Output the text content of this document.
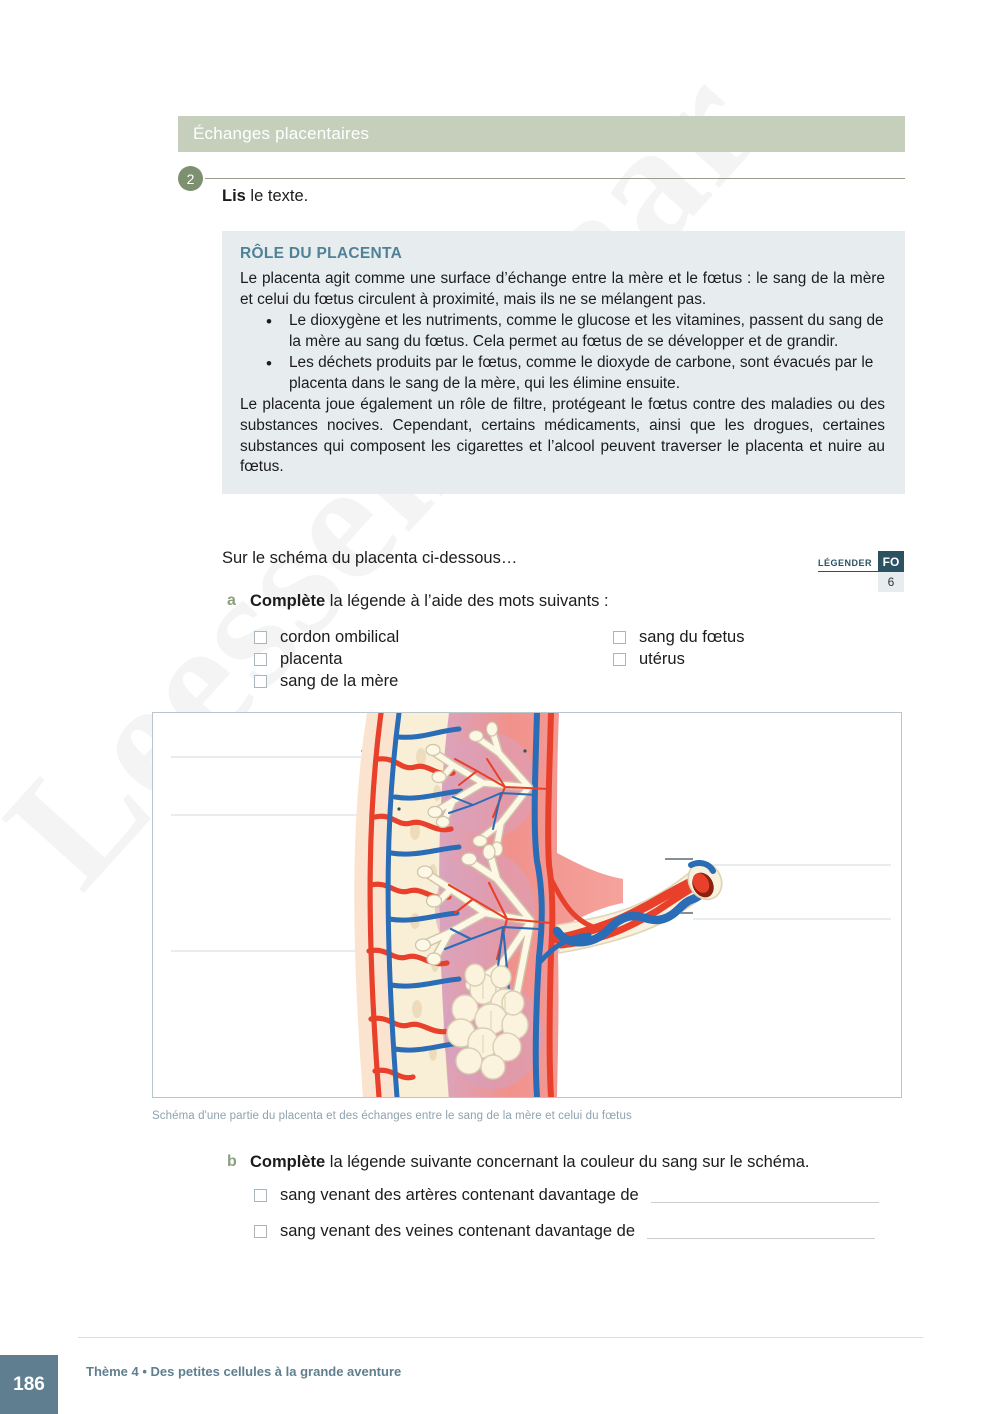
Échanges placentaires
2
Lis le texte.
RÔLE DU PLACENTA

Le placenta agit comme une surface d’échange entre la mère et le fœtus : le sang de la mère et celui du fœtus circulent à proximité, mais ils ne se mélangent pas.

• Le dioxygène et les nutriments, comme le glucose et les vitamines, passent du sang de la mère au sang du fœtus. Cela permet au fœtus de se développer et de grandir.
• Les déchets produits par le fœtus, comme le dioxyde de carbone, sont évacués par le placenta dans le sang de la mère, qui les élimine ensuite.

Le placenta joue également un rôle de filtre, protégeant le fœtus contre des maladies ou des substances nocives. Cependant, certains médicaments, ainsi que les drogues, certaines substances qui composent les cigarettes et l’alcool peuvent traverser le placenta et nuire au fœtus.

Sur le schéma du placenta ci-dessous…	LÉGENDER FO
6
a Complète la légende à l’aide des mots suivants :
cordon ombilical
placenta
sang de la mère
sang du fœtus
utérus
Schéma d'une partie du placenta et des échanges entre le sang de la mère et celui du fœtus
b Complète la légende suivante concernant la couleur du sang sur le schéma.
sang venant des artères contenant davantage de
sang venant des veines contenant davantage de
186
Thème 4 • Des petites cellules à la grande aventure
